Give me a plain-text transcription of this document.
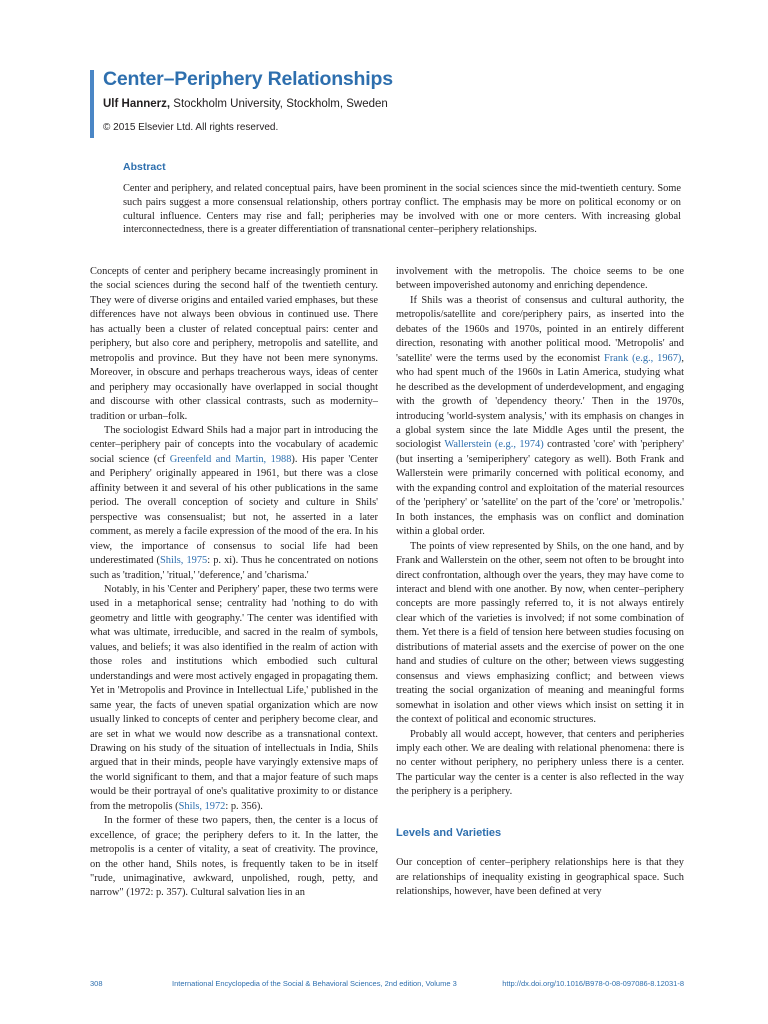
Center–Periphery Relationships
Ulf Hannerz, Stockholm University, Stockholm, Sweden
© 2015 Elsevier Ltd. All rights reserved.
Abstract

Center and periphery, and related conceptual pairs, have been prominent in the social sciences since the mid-twentieth century. Some such pairs suggest a more consensual relationship, others portray conflict. The emphasis may be more on political economy or on cultural influence. Centers may rise and fall; peripheries may be involved with one or more centers. With increasing global interconnectedness, there is a greater differentiation of transnational center–periphery relationships.

Concepts of center and periphery became increasingly prominent in the social sciences during the second half of the twentieth century. They were of diverse origins and entailed varied emphases, but these differences have not always been obvious in continued use. There has actually been a cluster of related conceptual pairs: center and periphery, but also core and periphery, metropolis and satellite, and metropolis and province. But they have not been mere synonyms. Moreover, in obscure and perhaps treacherous ways, ideas of center and periphery may occasionally have overlapped in social thought and discourse with other classical contrasts, such as modernity–tradition or urban–folk.

The sociologist Edward Shils had a major part in introducing the center–periphery pair of concepts into the vocabulary of academic social science (cf Greenfeld and Martin, 1988). His paper 'Center and Periphery' originally appeared in 1961, but there was a close affinity between it and several of his other publications in the same period. The overall conception of society and culture in Shils' perspective was consensualist; but not, he asserted in a later comment, as merely a facile expression of the mood of the era. In his view, the importance of consensus to social life had been underestimated (Shils, 1975: p. xi). Thus he concentrated on notions such as 'tradition,' 'ritual,' 'deference,' and 'charisma.'

Notably, in his 'Center and Periphery' paper, these two terms were used in a metaphorical sense; centrality had 'nothing to do with geometry and little with geography.' The center was identified with what was ultimate, irreducible, and sacred in the realm of symbols, values, and beliefs; it was also identified in the realm of action with those roles and institutions which embodied such cultural understandings and were most actively engaged in propagating them. Yet in 'Metropolis and Province in Intellectual Life,' published in the same year, the facts of uneven spatial organization which are now usually linked to concepts of center and periphery become clear, and are set in what we would now describe as a transnational context. Drawing on his study of the situation of intellectuals in India, Shils argued that in their minds, people have varyingly extensive maps of the world significant to them, and that a major feature of such maps would be their portrayal of one's qualitative proximity to or distance from the metropolis (Shils, 1972: p. 356).

In the former of these two papers, then, the center is a locus of excellence, of grace; the periphery defers to it. In the latter, the metropolis is a center of vitality, a seat of creativity. The province, on the other hand, Shils notes, is frequently taken to be in itself "rude, unimaginative, awkward, unpolished, rough, petty, and narrow" (1972: p. 357). Cultural salvation lies in an

involvement with the metropolis. The choice seems to be one between impoverished autonomy and enriching dependence.

If Shils was a theorist of consensus and cultural authority, the metropolis/satellite and core/periphery pairs, as inserted into the debates of the 1960s and 1970s, pointed in an entirely different direction, resonating with another political mood. 'Metropolis' and 'satellite' were the terms used by the economist Frank (e.g., 1967), who had spent much of the 1960s in Latin America, studying what he described as the development of underdevelopment, and engaging with the growth of 'dependency theory.' Then in the 1970s, introducing 'world-system analysis,' with its emphasis on changes in a global system since the late Middle Ages until the present, the sociologist Wallerstein (e.g., 1974) contrasted 'core' with 'periphery' (but inserting a 'semiperiphery' category as well). Both Frank and Wallerstein were primarily concerned with political economy, and with the expanding control and exploitation of the material resources of the 'periphery' or 'satellite' on the part of the 'core' or 'metropolis.' In both instances, the emphasis was on conflict and domination within a global order.

The points of view represented by Shils, on the one hand, and by Frank and Wallerstein on the other, seem not often to be brought into direct confrontation, although over the years, they may have come to interact and blend with one another. By now, when center–periphery concepts are more passingly referred to, it is not always entirely clear which of the varieties is involved; if not some combination of them. Yet there is a field of tension here between studies focusing on distributions of material assets and the exercise of power on the one hand and studies of culture on the other; between views suggesting consensus and views emphasizing conflict; and between views treating the social organization of meaning and meaningful forms somewhat in isolation and other views which insist on setting it in the context of political and economic structures.

Probably all would accept, however, that centers and peripheries imply each other. We are dealing with relational phenomena: there is no center without periphery, no periphery unless there is a center. The particular way the center is a center is also reflected in the way the periphery is a periphery.

Levels and Varieties

Our conception of center–periphery relationships here is that they are relationships of inequality existing in geographical space. Such relationships, however, have been defined at very

308	International Encyclopedia of the Social & Behavioral Sciences, 2nd edition, Volume 3	http://dx.doi.org/10.1016/B978-0-08-097086-8.12031-8
